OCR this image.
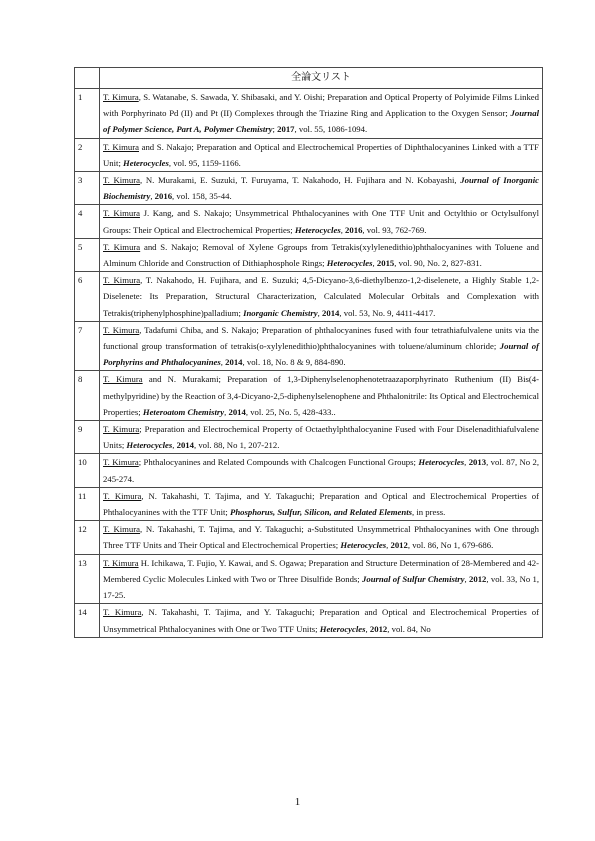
	全論文リスト
1	T. Kimura, S. Watanabe, S. Sawada, Y. Shibasaki, and Y. Oishi; Preparation and Optical Property of Polyimide Films Linked with Porphyrinato Pd (II) and Pt (II) Complexes through the Triazine Ring and Application to the Oxygen Sensor; Journal of Polymer Science, Part A, Polymer Chemistry; 2017, vol. 55, 1086-1094.
2	T. Kimura and S. Nakajo; Preparation and Optical and Electrochemical Properties of Diphthalocyanines Linked with a TTF Unit; Heterocycles, vol. 95, 1159-1166.
3	T. Kimura, N. Murakami, E. Suzuki, T. Furuyama, T. Nakahodo, H. Fujihara and N. Kobayashi, Journal of Inorganic Biochemistry, 2016, vol. 158, 35-44.
4	T. Kimura J. Kang, and S. Nakajo; Unsymmetrical Phthalocyanines with One TTF Unit and Octylthio or Octylsulfonyl Groups: Their Optical and Electrochemical Properties; Heterocycles, 2016, vol. 93, 762-769.
5	T. Kimura and S. Nakajo; Removal of Xylene Ggroups from Tetrakis(xylylenedithio)phthalocyanines with Toluene and Alminum Chloride and Construction of Dithiaphosphole Rings; Heterocycles, 2015, vol. 90, No. 2, 827-831.
6	T. Kimura, T. Nakahodo, H. Fujihara, and E. Suzuki; 4,5-Dicyano-3,6-diethylbenzo-1,2-diselenete, a Highly Stable 1,2-Diselenete: Its Preparation, Structural Characterization, Calculated Molecular Orbitals and Complexation with Tetrakis(triphenylphosphine)palladium; Inorganic Chemistry, 2014, vol. 53, No. 9, 4411-4417.
7	T. Kimura, Tadafumi Chiba, and S. Nakajo; Preparation of phthalocyanines fused with four tetrathiafulvalene units via the functional group transformation of tetrakis(o-xylylenedithio)phthalocyanines with toluene/aluminum chloride; Journal of Porphyrins and Phthalocyanines, 2014, vol. 18, No. 8 & 9, 884-890.
8	T. Kimura and N. Murakami; Preparation of 1,3-Diphenylselenophenotetraazaporphyrinato Ruthenium (II) Bis(4-methylpyridine) by the Reaction of 3,4-Dicyano-2,5-diphenylselenophene and Phthalonitrile: Its Optical and Electrochemical Properties; Heteroatom Chemistry, 2014, vol. 25, No. 5, 428-433..
9	T. Kimura; Preparation and Electrochemical Property of Octaethylphthalocyanine Fused with Four Diselenadithiafulvalene Units; Heterocycles, 2014, vol. 88, No 1, 207-212.
10	T. Kimura; Phthalocyanines and Related Compounds with Chalcogen Functional Groups; Heterocycles, 2013, vol. 87, No 2, 245-274.
11	T. Kimura, N. Takahashi, T. Tajima, and Y. Takaguchi; Preparation and Optical and Electrochemical Properties of Phthalocyanines with the TTF Unit; Phosphorus, Sulfur, Silicon, and Related Elements, in press.
12	T. Kimura, N. Takahashi, T. Tajima, and Y. Takaguchi; a-Substituted Unsymmetrical Phthalocyanines with One through Three TTF Units and Their Optical and Electrochemical Properties; Heterocycles, 2012, vol. 86, No 1, 679-686.
13	T. Kimura H. Ichikawa, T. Fujio, Y. Kawai, and S. Ogawa; Preparation and Structure Determination of 28-Membered and 42-Membered Cyclic Molecules Linked with Two or Three Disulfide Bonds; Journal of Sulfur Chemistry, 2012, vol. 33, No 1, 17-25.
14	T. Kimura, N. Takahashi, T. Tajima, and Y. Takaguchi; Preparation and Optical and Electrochemical Properties of Unsymmetrical Phthalocyanines with One or Two TTF Units; Heterocycles, 2012, vol. 84, No
1
